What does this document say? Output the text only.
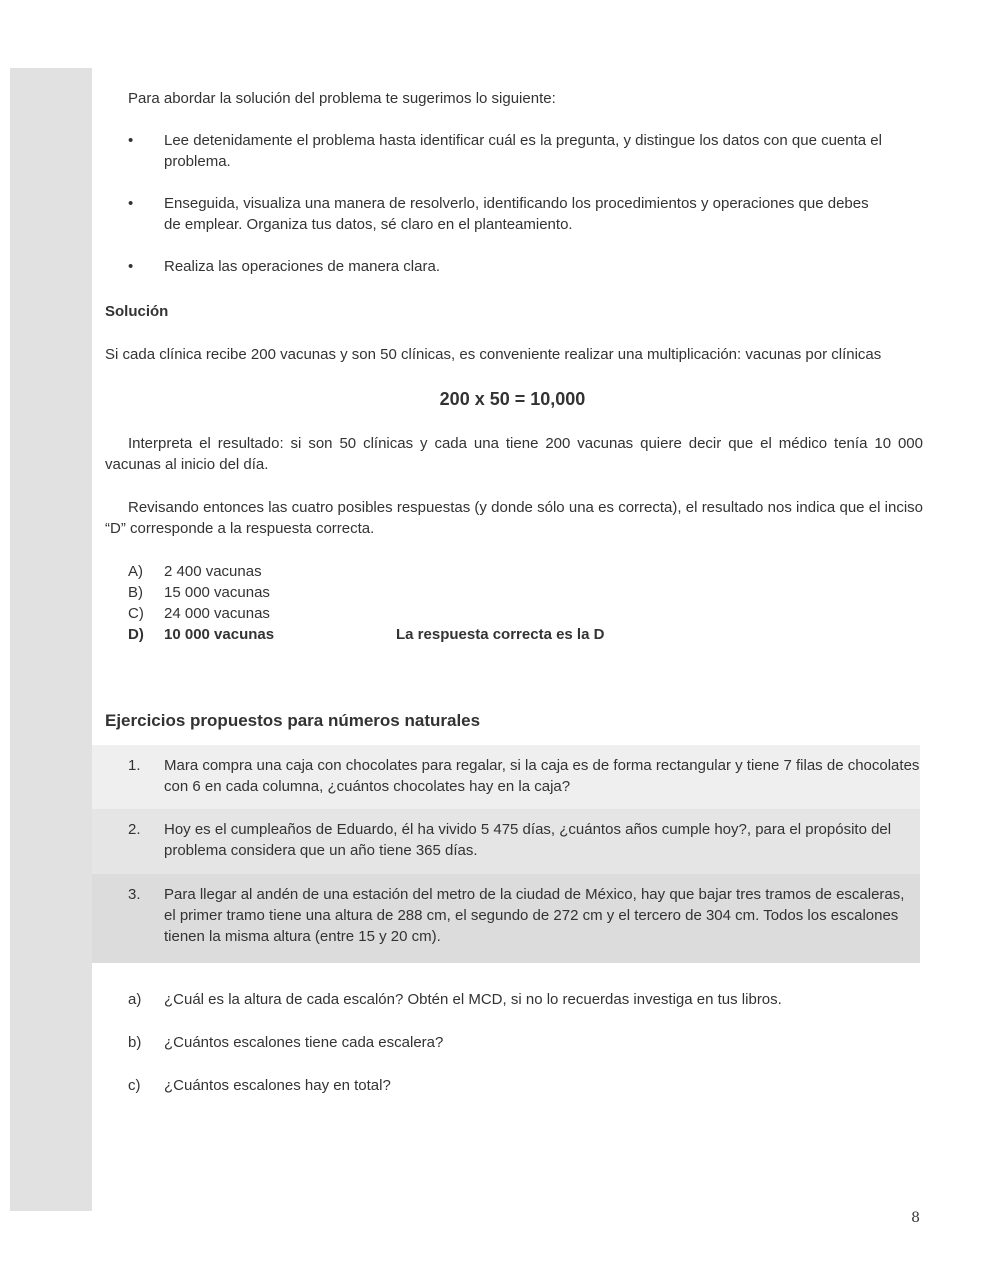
Para abordar la solución del problema te sugerimos lo siguiente:
• Lee detenidamente el problema hasta identificar cuál es la pregunta, y distingue los datos con que cuenta el problema.
• Enseguida, visualiza una manera de resolverlo, identificando los procedimientos y operaciones que debes de emplear. Organiza tus datos, sé claro en el planteamiento.
• Realiza las operaciones de manera clara.
Solución
Si cada clínica recibe 200 vacunas y son 50 clínicas, es conveniente realizar una multiplicación: vacunas por clínicas
200 x 50 = 10,000
Interpreta el resultado: si son 50 clínicas y cada una tiene 200 vacunas quiere decir que el médico tenía 10 000 vacunas al inicio del día.
Revisando entonces las cuatro posibles respuestas (y donde sólo una es correcta), el resultado nos indica que el inciso “D” corresponde a la respuesta correcta.
A) 2 400 vacunas
B) 15 000 vacunas
C) 24 000 vacunas
D) 10 000 vacunas	La respuesta correcta es la D
Ejercicios propuestos para números naturales
1. Mara compra una caja con chocolates para regalar, si la caja es de forma rectangular y tiene 7 filas de chocolates con 6 en cada columna, ¿cuántos chocolates hay en la caja?
2. Hoy es el cumpleaños de Eduardo, él ha vivido 5 475 días, ¿cuántos años cumple hoy?, para el propósito del problema considera que un año tiene 365 días.
3. Para llegar al andén de una estación del metro de la ciudad de México, hay que bajar tres tramos de escaleras, el primer tramo tiene una altura de 288 cm, el segundo de 272 cm y el tercero de 304 cm. Todos los escalones tienen la misma altura (entre 15 y 20 cm).
a) ¿Cuál es la altura de cada escalón? Obtén el MCD, si no lo recuerdas investiga en tus libros.
b) ¿Cuántos escalones tiene cada escalera?
c) ¿Cuántos escalones hay en total?
8
